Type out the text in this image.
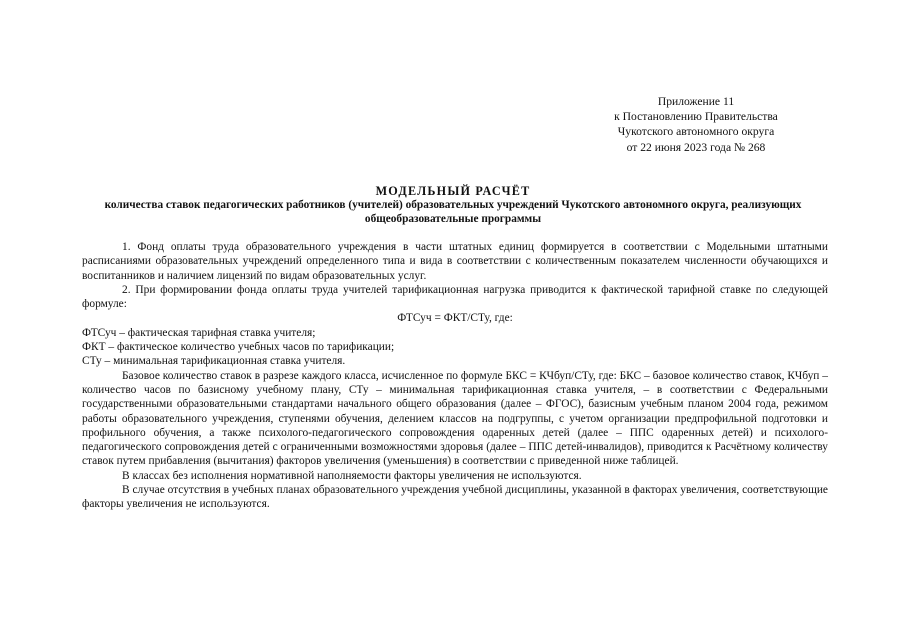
Приложение 11
к Постановлению Правительства
Чукотского автономного округа
от 22 июня 2023 года № 268
МОДЕЛЬНЫЙ РАСЧЁТ
количества ставок педагогических работников (учителей) образовательных учреждений Чукотского автономного округа, реализующих общеобразовательные программы

1. Фонд оплаты труда образовательного учреждения в части штатных единиц формируется в соответствии с Модельными штатными расписаниями образовательных учреждений определенного типа и вида в соответствии с количественным показателем численности обучающихся и воспитанников и наличием лицензий по видам образовательных услуг.

2. При формировании фонда оплаты труда учителей тарификационная нагрузка приводится к фактической тарифной ставке по следующей формуле:

ФТСуч = ФКТ/СТу, где:

ФТСуч – фактическая тарифная ставка учителя;

ФКТ – фактическое количество учебных часов по тарификации;

СТу – минимальная тарификационная ставка учителя.

Базовое количество ставок в разрезе каждого класса, исчисленное по формуле БКС = КЧбуп/СТу, где: БКС – базовое количество ставок, КЧбуп – количество часов по базисному учебному плану, СТу – минимальная тарификационная ставка учителя, – в соответствии с Федеральными государственными образовательными стандартами начального общего образования (далее – ФГОС), базисным учебным планом 2004 года, режимом работы образовательного учреждения, ступенями обучения, делением классов на подгруппы, с учетом организации предпрофильной подготовки и профильного обучения, а также психолого-педагогического сопровождения одаренных детей (далее – ППС одаренных детей) и психолого-педагогического сопровождения детей с ограниченными возможностями здоровья (далее – ППС детей-инвалидов), приводится к Расчётному количеству ставок путем прибавления (вычитания) факторов увеличения (уменьшения) в соответствии с приведенной ниже таблицей.

В классах без исполнения нормативной наполняемости факторы увеличения не используются.

В случае отсутствия в учебных планах образовательного учреждения учебной дисциплины, указанной в факторах увеличения, соответствующие факторы увеличения не используются.
